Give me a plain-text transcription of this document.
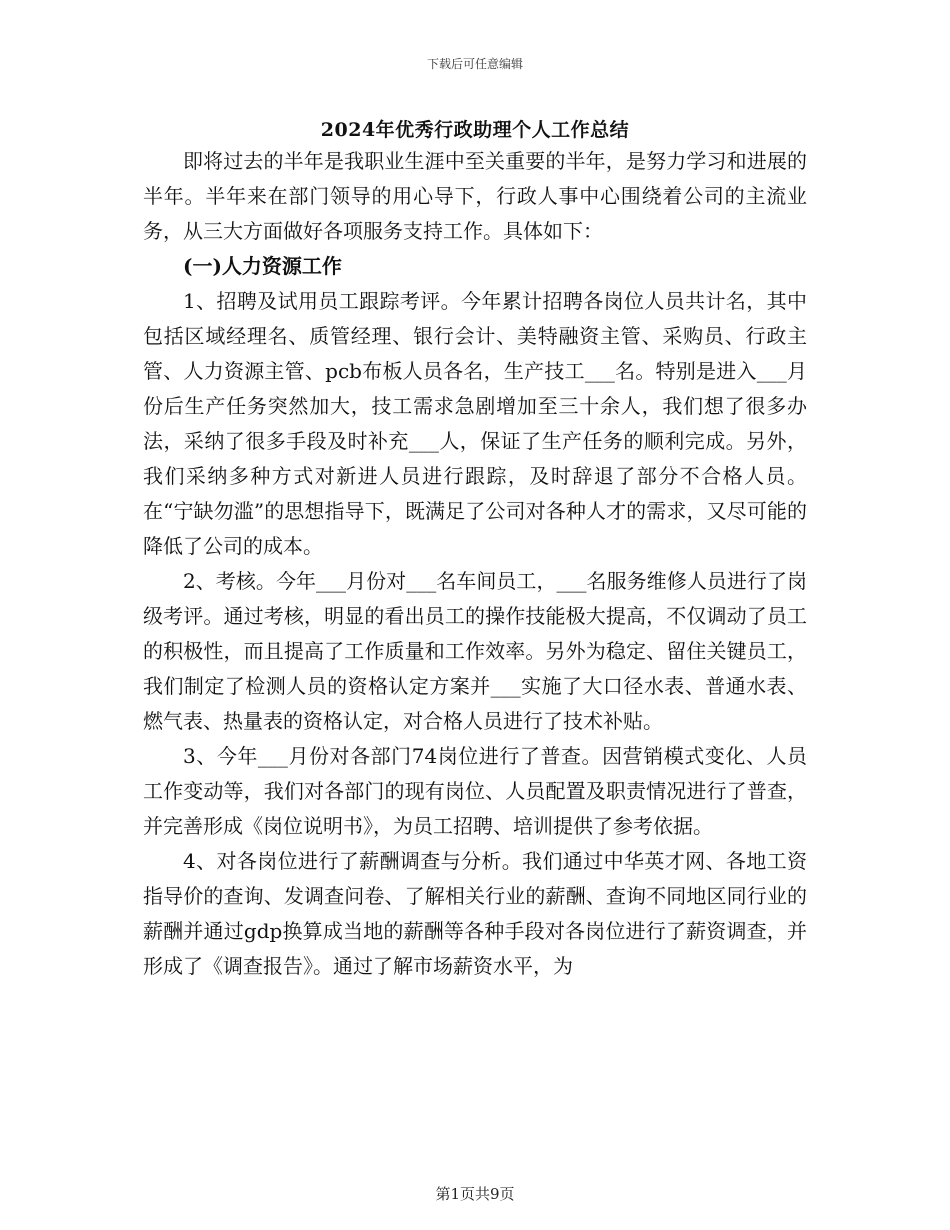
下载后可任意编辑
2024年优秀行政助理个人工作总结

即将过去的半年是我职业生涯中至关重要的半年，是努力学习和进展的半年。半年来在部门领导的用心导下，行政人事中心围绕着公司的主流业务，从三大方面做好各项服务支持工作。具体如下：

(一)人力资源工作

1、招聘及试用员工跟踪考评。今年累计招聘各岗位人员共计名，其中包括区域经理名、质管经理、银行会计、美特融资主管、采购员、行政主管、人力资源主管、pcb布板人员各名，生产技工___名。特别是进入___月份后生产任务突然加大，技工需求急剧增加至三十余人，我们想了很多办法，采纳了很多手段及时补充___人，保证了生产任务的顺利完成。另外，我们采纳多种方式对新进人员进行跟踪，及时辞退了部分不合格人员。在“宁缺勿滥”的思想指导下，既满足了公司对各种人才的需求，又尽可能的降低了公司的成本。

2、考核。今年___月份对___名车间员工，___名服务维修人员进行了岗级考评。通过考核，明显的看出员工的操作技能极大提高，不仅调动了员工的积极性，而且提高了工作质量和工作效率。另外为稳定、留住关键员工，我们制定了检测人员的资格认定方案并___实施了大口径水表、普通水表、燃气表、热量表的资格认定，对合格人员进行了技术补贴。

3、今年___月份对各部门74岗位进行了普查。因营销模式变化、人员工作变动等，我们对各部门的现有岗位、人员配置及职责情况进行了普查，并完善形成《岗位说明书》，为员工招聘、培训提供了参考依据。

4、对各岗位进行了薪酬调查与分析。我们通过中华英才网、各地工资指导价的查询、发调查问卷、了解相关行业的薪酬、查询不同地区同行业的薪酬并通过gdp换算成当地的薪酬等各种手段对各岗位进行了薪资调查，并形成了《调查报告》。通过了解市场薪资水平，为

第1页共9页
